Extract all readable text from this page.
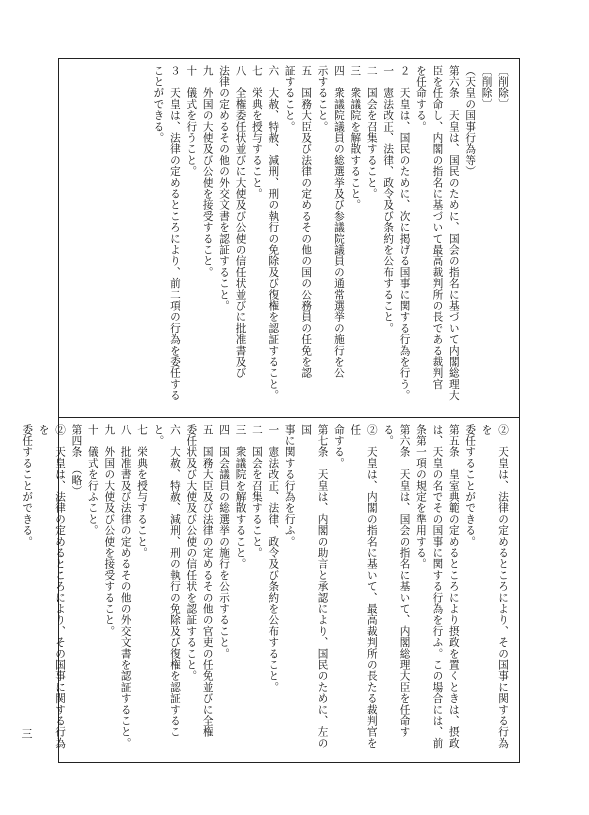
〔削除〕

〔削除〕

（天皇の国事行為等）

第六条　天皇は、国民のために、国会の指名に基づいて内閣総理大

臣を任命し、内閣の指名に基づいて最高裁判所の長である裁判官

を任命する。

２　天皇は、国民のために、次に掲げる国事に関する行為を行う。

一　憲法改正、法律、政令及び条約を公布すること。

二　国会を召集すること。

三　衆議院を解散すること。

四　衆議院議員の総選挙及び参議院議員の通常選挙の施行を公

示すること。

五　国務大臣及び法律の定めるその他の国の公務員の任免を認

証すること。

六　大赦、特赦、減刑、刑の執行の免除及び復権を認証すること。

七　栄典を授与すること。

八　全権委任状並びに大使及び公使の信任状並びに批准書及び

法律の定めるその他の外交文書を認証すること。

九　外国の大使及び公使を接受すること。

十　儀式を行うこと。

３　天皇は、法律の定めるところにより、前二項の行為を委任する

ことができる。

②　天皇は、法律の定めるところにより、その国事に関する行為を

委任することができる。

第五条　皇室典範の定めるところにより摂政を置くときは、摂政

は、天皇の名でその国事に関する行為を行ふ。この場合には、前

条第一項の規定を準用する。

第六条　天皇は、国会の指名に基いて、内閣総理大臣を任命する。

②　天皇は、内閣の指名に基いて、最高裁判所の長たる裁判官を任

命する。

第七条　天皇は、内閣の助言と承認により、国民のために、左の国

事に関する行為を行ふ。

一　憲法改正、法律、政令及び条約を公布すること。

二　国会を召集すること。

三　衆議院を解散すること。

四　国会議員の総選挙の施行を公示すること。

五　国務大臣及び法律の定めるその他の官吏の任免並びに全権

委任状及び大使及び公使の信任状を認証すること。

六　大赦、特赦、減刑、刑の執行の免除及び復権を認証すること。

七　栄典を授与すること。

八　批准書及び法律の定めるその他の外交文書を認証すること。

九　外国の大使及び公使を接受すること。

十　儀式を行ふこと。

第四条　（略）

②　天皇は、法律の定めるところにより、その国事に関する行為を

委任することができる。

三
